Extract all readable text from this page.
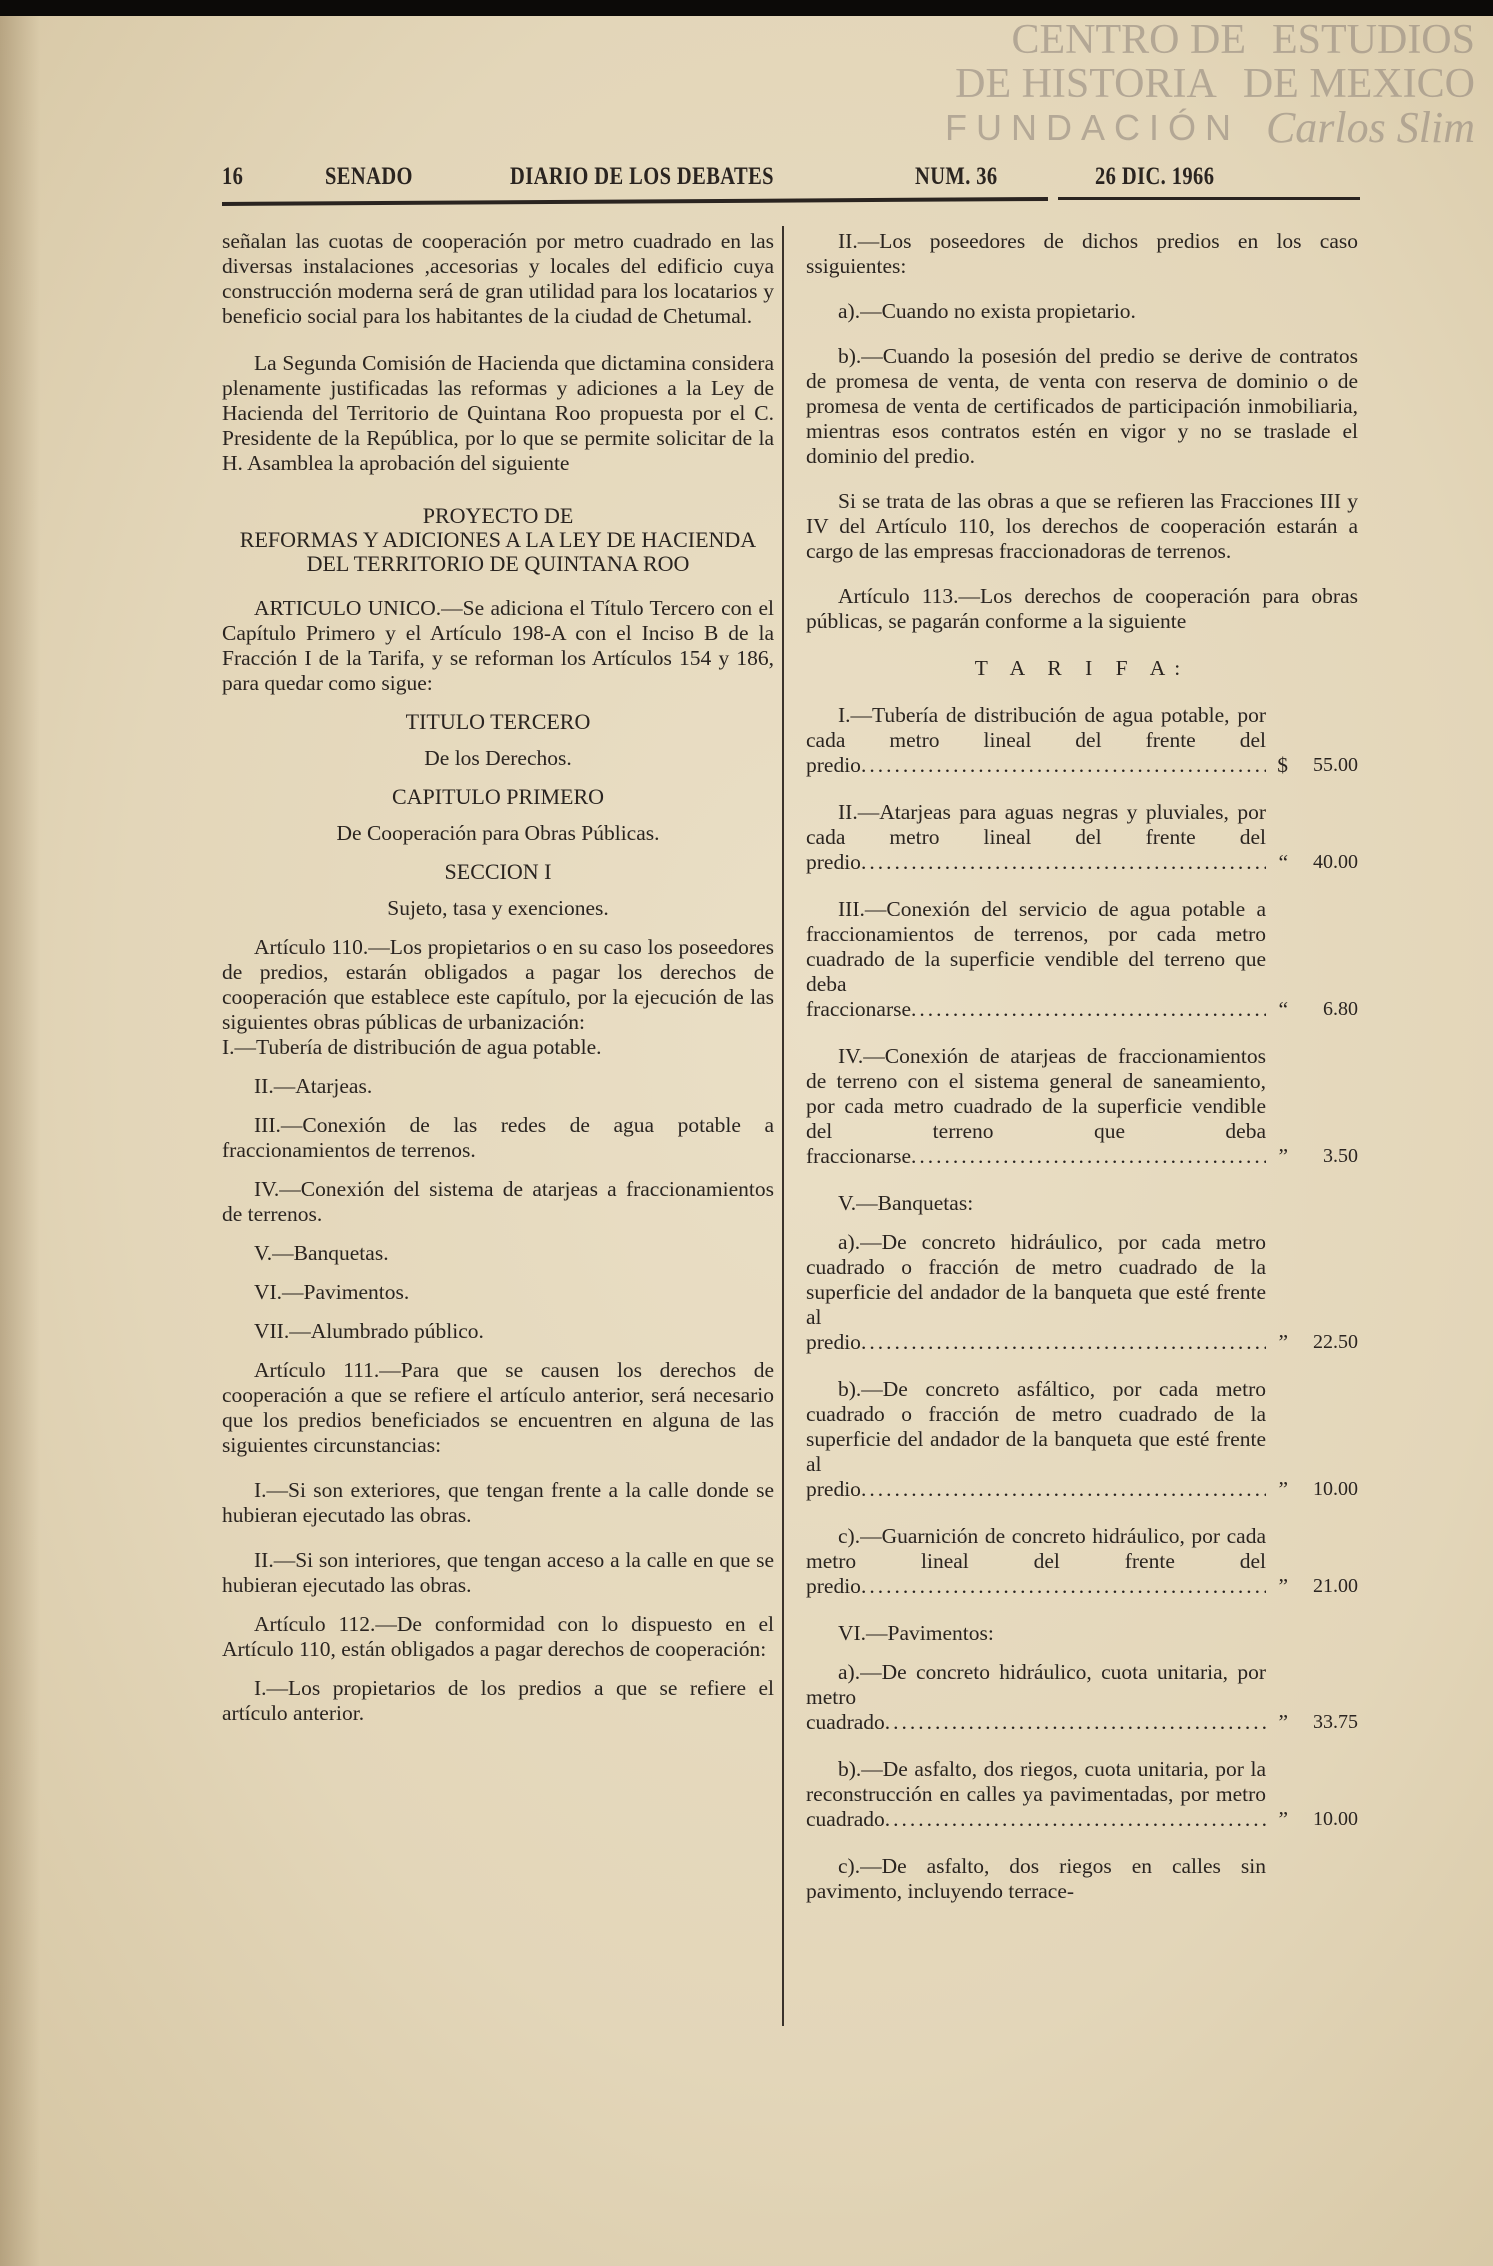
CENTRO DE ESTUDIOS
DE HISTORIA DE MEXICO
FUNDACIÓN Carlos Slim
16	SENADO	DIARIO DE LOS DEBATES	NUM. 36	26 DIC. 1966

señalan las cuotas de cooperación por metro cuadrado en las diversas instalaciones ,accesorias y locales del edificio cuya construcción moderna será de gran utilidad para los locatarios y beneficio social para los habitantes de la ciudad de Chetumal.

La Segunda Comisión de Hacienda que dictamina considera plenamente justificadas las reformas y adiciones a la Ley de Hacienda del Territorio de Quintana Roo propuesta por el C. Presidente de la República, por lo que se permite solicitar de la H. Asamblea la aprobación del siguiente

PROYECTO DE
REFORMAS Y ADICIONES A LA LEY DE HACIENDA DEL TERRITORIO DE QUINTANA ROO

ARTICULO UNICO.—Se adiciona el Título Tercero con el Capítulo Primero y el Artículo 198-A con el Inciso B de la Fracción I de la Tarifa, y se reforman los Artículos 154 y 186, para quedar como sigue:

TITULO TERCERO
De los Derechos.
CAPITULO PRIMERO
De Cooperación para Obras Públicas.
SECCION I
Sujeto, tasa y exenciones.

Artículo 110.—Los propietarios o en su caso los poseedores de predios, estarán obligados a pagar los derechos de cooperación que establece este capítulo, por la ejecución de las siguientes obras públicas de urbanización:

I.—Tubería de distribución de agua potable.

II.—Atarjeas.

III.—Conexión de las redes de agua potable a fraccionamientos de terrenos.

IV.—Conexión del sistema de atarjeas a fraccionamientos de terrenos.

V.—Banquetas.

VI.—Pavimentos.

VII.—Alumbrado público.

Artículo 111.—Para que se causen los derechos de cooperación a que se refiere el artículo anterior, será necesario que los predios beneficiados se encuentren en alguna de las siguientes circunstancias:

I.—Si son exteriores, que tengan frente a la calle donde se hubieran ejecutado las obras.

II.—Si son interiores, que tengan acceso a la calle en que se hubieran ejecutado las obras.

Artículo 112.—De conformidad con lo dispuesto en el Artículo 110, están obligados a pagar derechos de cooperación:

I.—Los propietarios de los predios a que se refiere el artículo anterior.

II.—Los poseedores de dichos predios en los caso ssiguientes:

a).—Cuando no exista propietario.

b).—Cuando la posesión del predio se derive de contratos de promesa de venta, de venta con reserva de dominio o de promesa de venta de certificados de participación inmobiliaria, mientras esos contratos estén en vigor y no se traslade el dominio del predio.

Si se trata de las obras a que se refieren las Fracciones III y IV del Artículo 110, los derechos de cooperación estarán a cargo de las empresas fraccionadoras de terrenos.

Artículo 113.—Los derechos de cooperación para obras públicas, se pagarán conforme a la siguiente

T A R I F A:
I.—Tubería de distribución de agua potable, por cada metro lineal del frente del predio .....	$ 55.00
II.—Atarjeas para aguas negras y pluviales, por cada metro lineal del frente del predio .....	“ 40.00
III.—Conexión del servicio de agua potable a fraccionamientos de terrenos, por cada metro cuadrado de la superficie vendible del terreno que deba fraccionarse .....	“ 6.80
IV.—Conexión de atarjeas de fraccionamientos de terreno con el sistema general de saneamiento, por cada metro cuadrado de la superficie vendible del terreno que deba fraccionarse .....	” 3.50

V.—Banquetas:

a).—De concreto hidráulico, por cada metro cuadrado o fracción de metro cuadrado de la superficie del andador de la banqueta que esté frente al predio .....	” 22.50
b).—De concreto asfáltico, por cada metro cuadrado o fracción de metro cuadrado de la superficie del andador de la banqueta que esté frente al predio .....	” 10.00
c).—Guarnición de concreto hidráulico, por cada metro lineal del frente del predio .....	” 21.00

VI.—Pavimentos:

a).—De concreto hidráulico, cuota unitaria, por metro cuadrado .....	” 33.75
b).—De asfalto, dos riegos, cuota unitaria, por la reconstrucción en calles ya pavimentadas, por metro cuadrado .....	” 10.00
c).—De asfalto, dos riegos en calles sin pavimento, incluyendo terrace-
